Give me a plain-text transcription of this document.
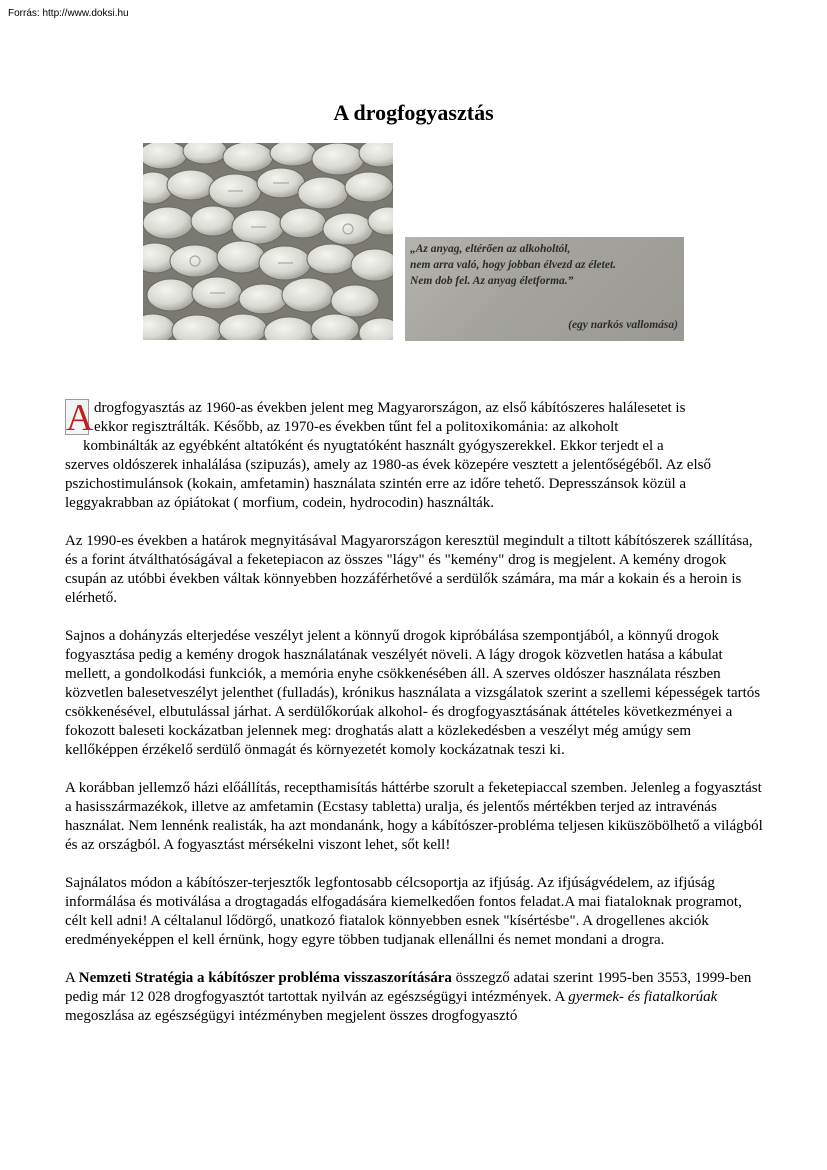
Forrás: http://www.doksi.hu
A drogfogyasztás
„Az anyag, eltérően az alkoholtól,
nem arra való, hogy jobban élvezd az életet.
Nem dob fel. Az anyag életforma.”
(egy narkós vallomása)

A drogfogyasztás az 1960-as években jelent meg Magyarországon, az első kábítószeres halálesetet is
ekkor regisztrálták. Később, az 1970-es években tűnt fel a politoxikománia: az alkoholt
kombinálták az egyébként altatóként és nyugtatóként használt gyógyszerekkel. Ekkor terjedt el a
szerves oldószerek inhalálása (szipuzás), amely az 1980-as évek közepére vesztett a jelentőségéből. Az első pszichostimulánsok (kokain, amfetamin) használata szintén erre az időre tehető. Depresszánsok közül a leggyakrabban az ópiátokat ( morfium, codein, hydrocodin) használták.

Az 1990-es években a határok megnyitásával Magyarországon keresztül megindult a tiltott kábítószerek szállítása, és a forint átválthatóságával a feketepiacon az összes "lágy" és "kemény" drog is megjelent. A kemény drogok csupán az utóbbi években váltak könnyebben hozzáférhetővé a serdülők számára, ma már a kokain és a heroin is elérhető.

Sajnos a dohányzás elterjedése veszélyt jelent a könnyű drogok kipróbálása szempontjából, a könnyű drogok fogyasztása pedig a kemény drogok használatának veszélyét növeli. A lágy drogok közvetlen hatása a kábulat mellett, a gondolkodási funkciók, a memória enyhe csökkenésében áll. A szerves oldószer használata részben közvetlen balesetveszélyt jelenthet (fulladás), krónikus használata a vizsgálatok szerint a szellemi képességek tartós csökkenésével, elbutulással járhat. A serdülőkorúak alkohol- és drogfogyasztásának áttételes következményei a fokozott baleseti kockázatban jelennek meg: droghatás alatt a közlekedésben a veszélyt még amúgy sem kellőképpen érzékelő serdülő önmagát és környezetét komoly kockázatnak teszi ki.

A korábban jellemző házi előállítás, recepthamisítás háttérbe szorult a feketepiaccal szemben. Jelenleg a fogyasztást a hasisszármazékok, illetve az amfetamin (Ecstasy tabletta) uralja, és jelentős mértékben terjed az intravénás használat. Nem lennénk realisták, ha azt mondanánk, hogy a kábítószer-probléma teljesen kiküszöbölhető a világból és az országból. A fogyasztást mérsékelni viszont lehet, sőt kell!

Sajnálatos módon a kábítószer-terjesztők legfontosabb célcsoportja az ifjúság. Az ifjúságvédelem, az ifjúság informálása és motiválása a drogtagadás elfogadására kiemelkedően fontos feladat.A mai fiataloknak programot, célt kell adni! A céltalanul lődörgő, unatkozó fiatalok könnyebben esnek "kísértésbe". A drogellenes akciók eredményeképpen el kell érnünk, hogy egyre többen tudjanak ellenállni és nemet mondani a drogra.

A Nemzeti Stratégia a kábítószer probléma visszaszorítására összegző adatai szerint 1995-ben 3553, 1999-ben pedig már 12 028 drogfogyasztót tartottak nyilván az egészségügyi intézmények. A gyermek- és fiatalkorúak megoszlása az egészségügyi intézményben megjelent összes drogfogyasztó
